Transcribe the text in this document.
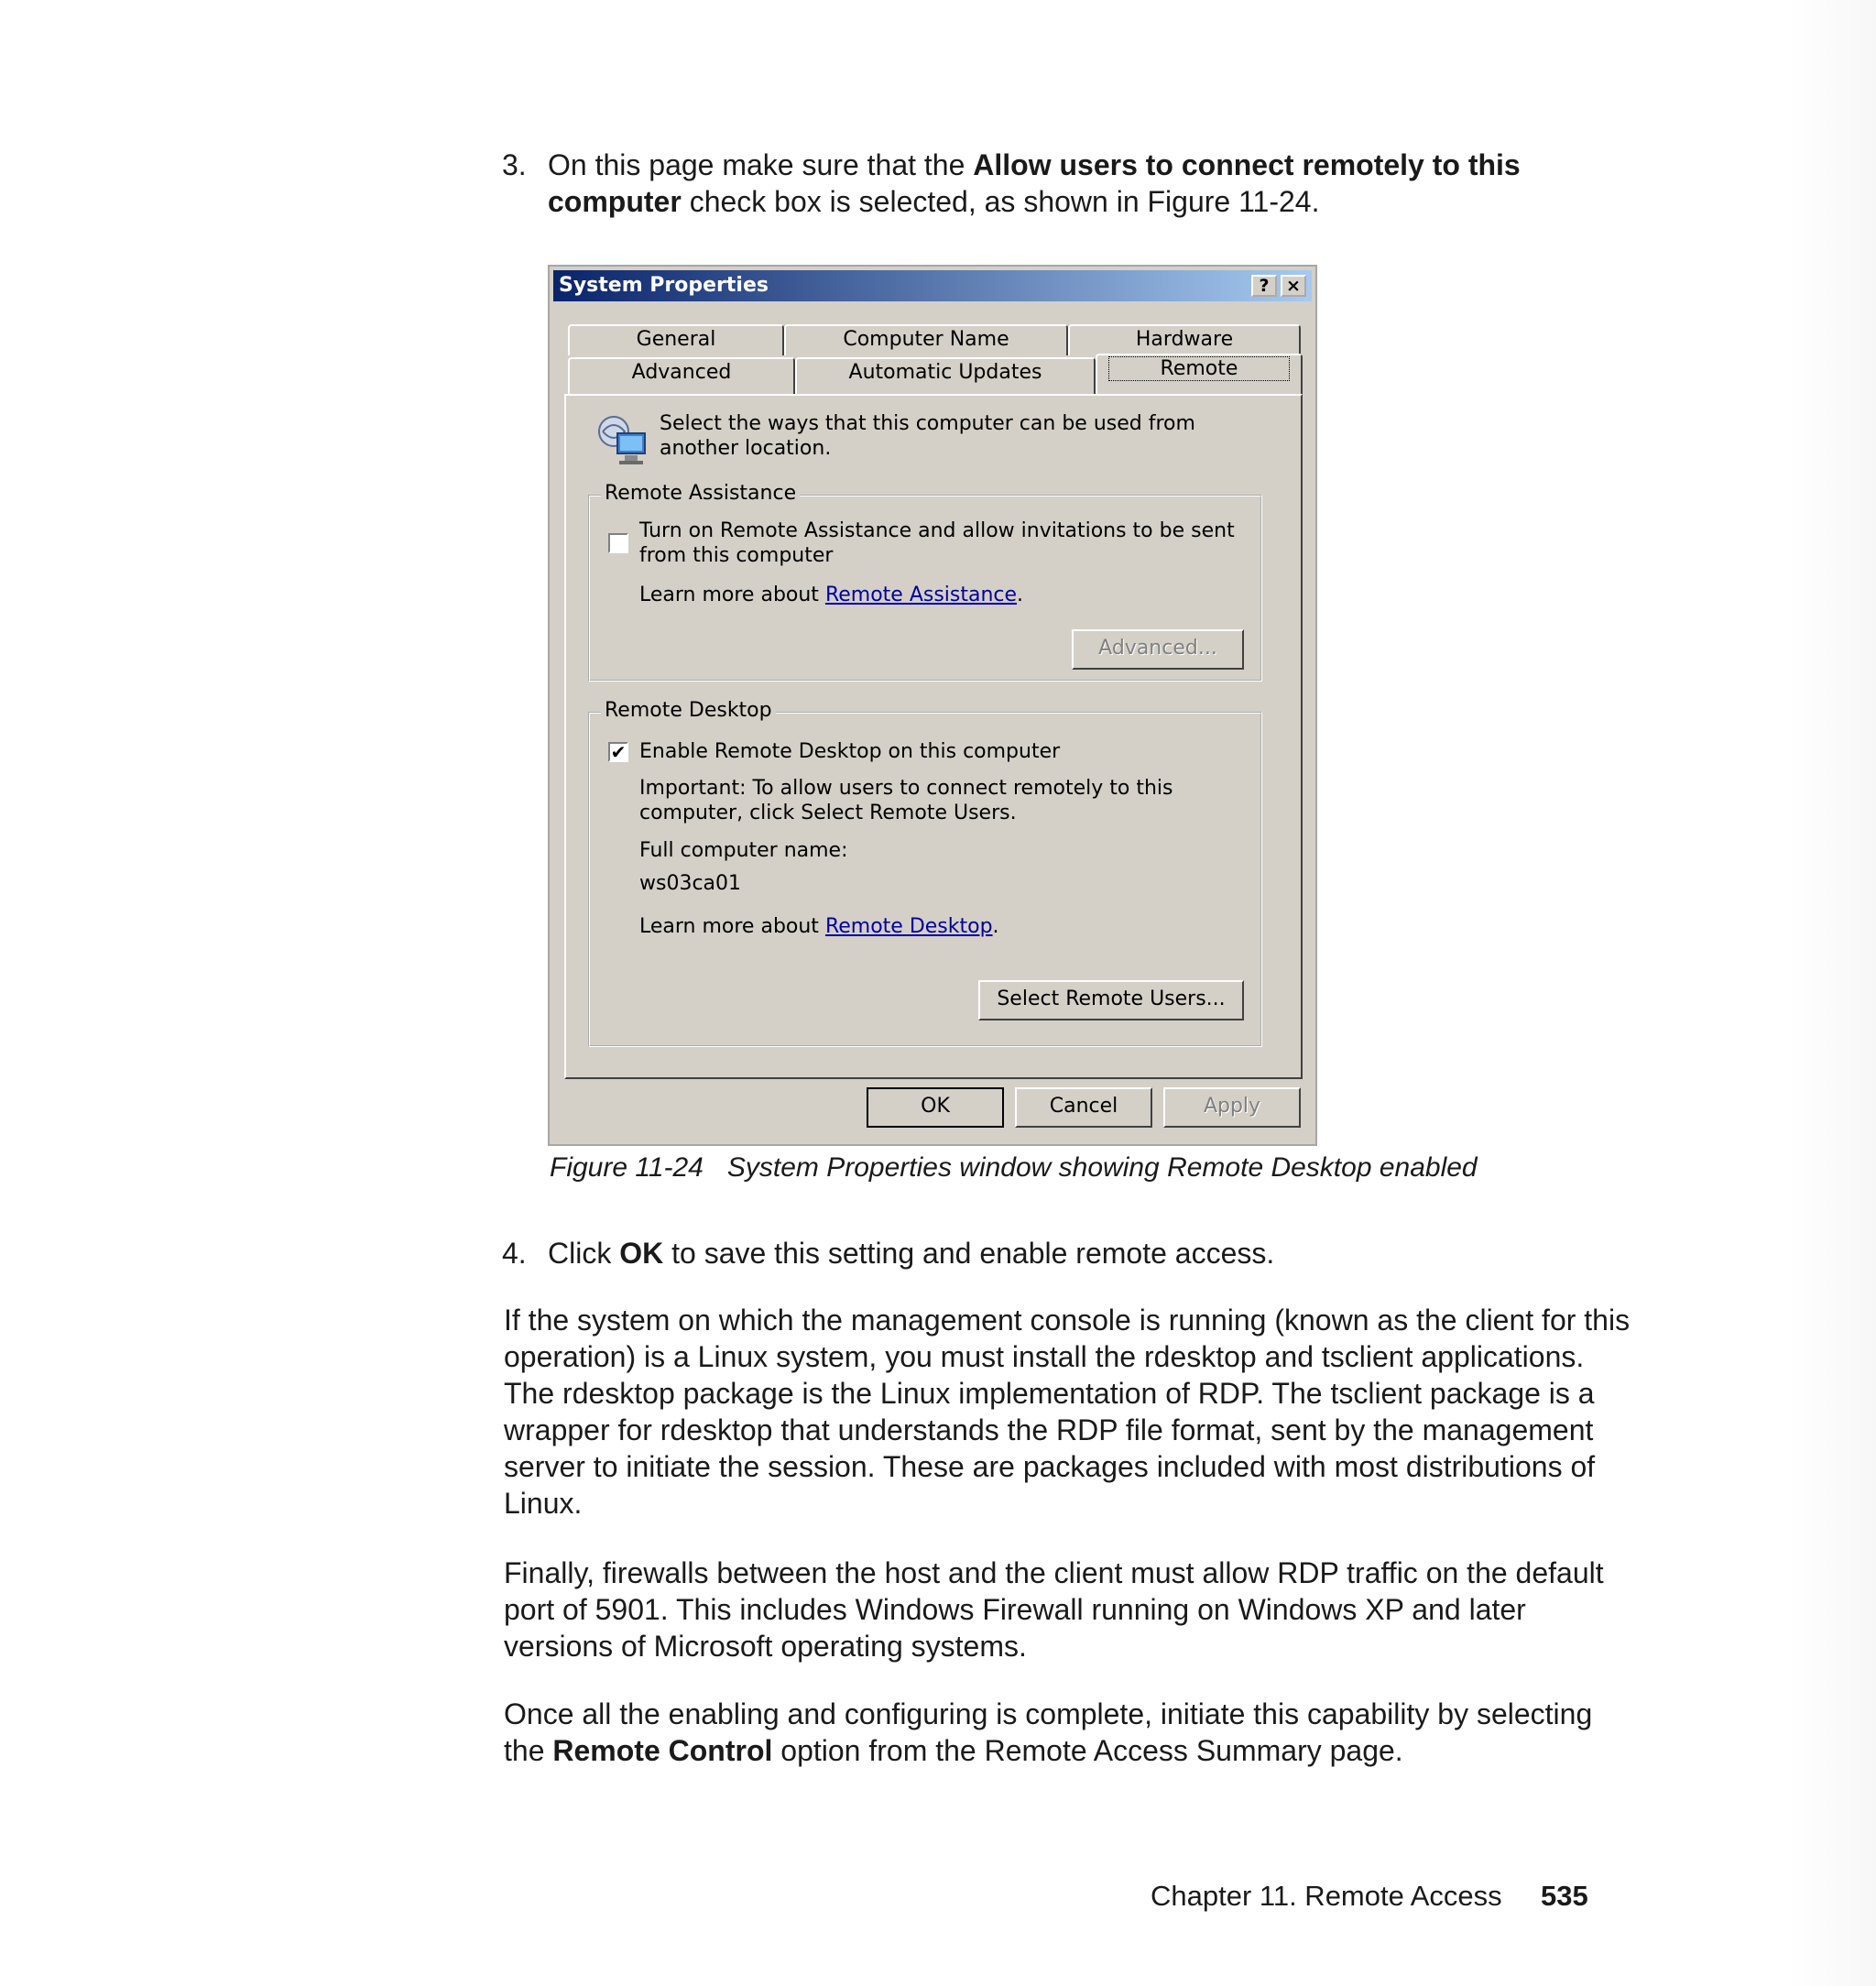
3. On this page make sure that the Allow users to connect remotely to this computer check box is selected, as shown in Figure 11-24.
System Properties	? ×
General	Computer Name	Hardware
Advanced	Automatic Updates	Remote
Select the ways that this computer can be used from another location.
Remote Assistance
Turn on Remote Assistance and allow invitations to be sent from this computer
Learn more about Remote Assistance.
Advanced...
Remote Desktop
✔ Enable Remote Desktop on this computer
Important: To allow users to connect remotely to this computer, click Select Remote Users.
Full computer name:
ws03ca01
Learn more about Remote Desktop.
Select Remote Users...
OK	Cancel	Apply
Figure 11-24 System Properties window showing Remote Desktop enabled
4. Click OK to save this setting and enable remote access.
If the system on which the management console is running (known as the client for this operation) is a Linux system, you must install the rdesktop and tsclient applications. The rdesktop package is the Linux implementation of RDP. The tsclient package is a wrapper for rdesktop that understands the RDP file format, sent by the management server to initiate the session. These are packages included with most distributions of Linux.
Finally, firewalls between the host and the client must allow RDP traffic on the default port of 5901. This includes Windows Firewall running on Windows XP and later versions of Microsoft operating systems.
Once all the enabling and configuring is complete, initiate this capability by selecting the Remote Control option from the Remote Access Summary page.
Chapter 11. Remote Access 535
